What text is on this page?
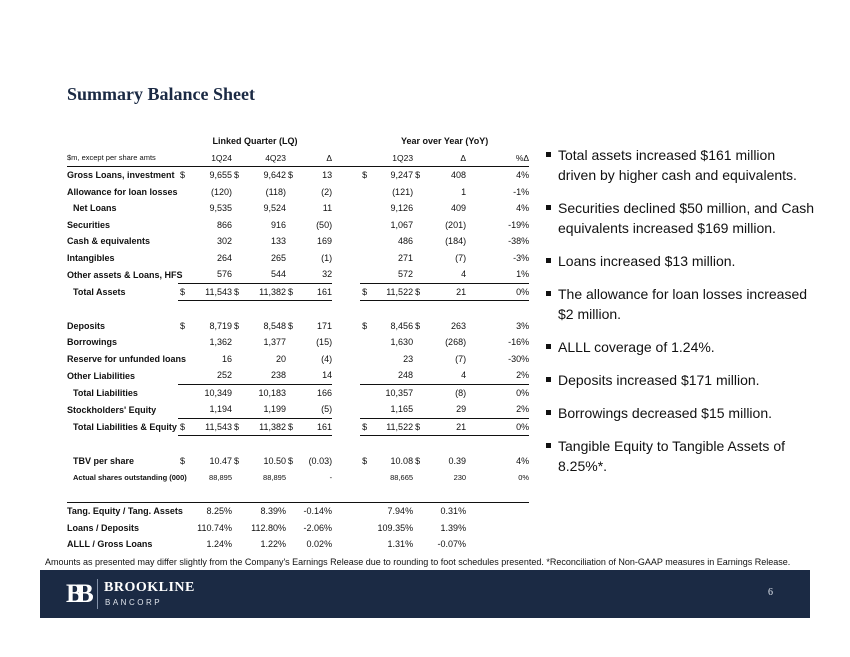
Summary Balance Sheet
	Linked Quarter (LQ)							Year over Year (YoY)				
$m, except per share amts		1Q24		4Q23		Δ			1Q23		Δ	%Δ
Gross Loans, investment	$	9,655	$	9,642	$	13		$	9,247	$	408	4%
Allowance for loan losses		(120)		(118)		(2)			(121)		1	-1%
Net Loans		9,535		9,524		11			9,126		409	4%
Securities		866		916		(50)			1,067		(201)	-19%
Cash & equivalents		302		133		169			486		(184)	-38%
Intangibles		264		265		(1)			271		(7)	-3%
Other assets & Loans, HFS		576		544		32			572		4	1%
Total Assets	$	11,543	$	11,382	$	161		$	11,522	$	21	0%

Deposits	$	8,719	$	8,548	$	171		$	8,456	$	263	3%
Borrowings		1,362		1,377		(15)			1,630		(268)	-16%
Reserve for unfunded loans		16		20		(4)			23		(7)	-30%
Other Liabilities		252		238		14			248		4	2%
Total Liabilities		10,349		10,183		166			10,357		(8)	0%
Stockholders' Equity		1,194		1,199		(5)			1,165		29	2%
Total Liabilities & Equity	$	11,543	$	11,382	$	161		$	11,522	$	21	0%

TBV per share	$	10.47	$	10.50	$	(0.03)		$	10.08	$	0.39	4%
Actual shares outstanding (000)		88,895		88,895		-			88,665		230	0%

Tang. Equity / Tang. Assets		8.25%		8.39%		-0.14%			7.94%		0.31%	
Loans / Deposits		110.74%		112.80%		-2.06%			109.35%		1.39%	
ALLL / Gross Loans		1.24%		1.22%		0.02%			1.31%		-0.07%	
Total assets increased $161 million driven by higher cash and equivalents.
Securities declined $50 million, and Cash equivalents increased $169 million.
Loans increased $13 million.
The allowance for loan losses increased $2 million.
ALLL coverage of 1.24%.
Deposits increased $171 million.
Borrowings decreased $15 million.
Tangible Equity to Tangible Assets of 8.25%*.
Amounts as presented may differ slightly from the Company's Earnings Release due to rounding to foot schedules presented. *Reconciliation of Non-GAAP measures in Earnings Release.
BB BROOKLINE
BANCORP
6
